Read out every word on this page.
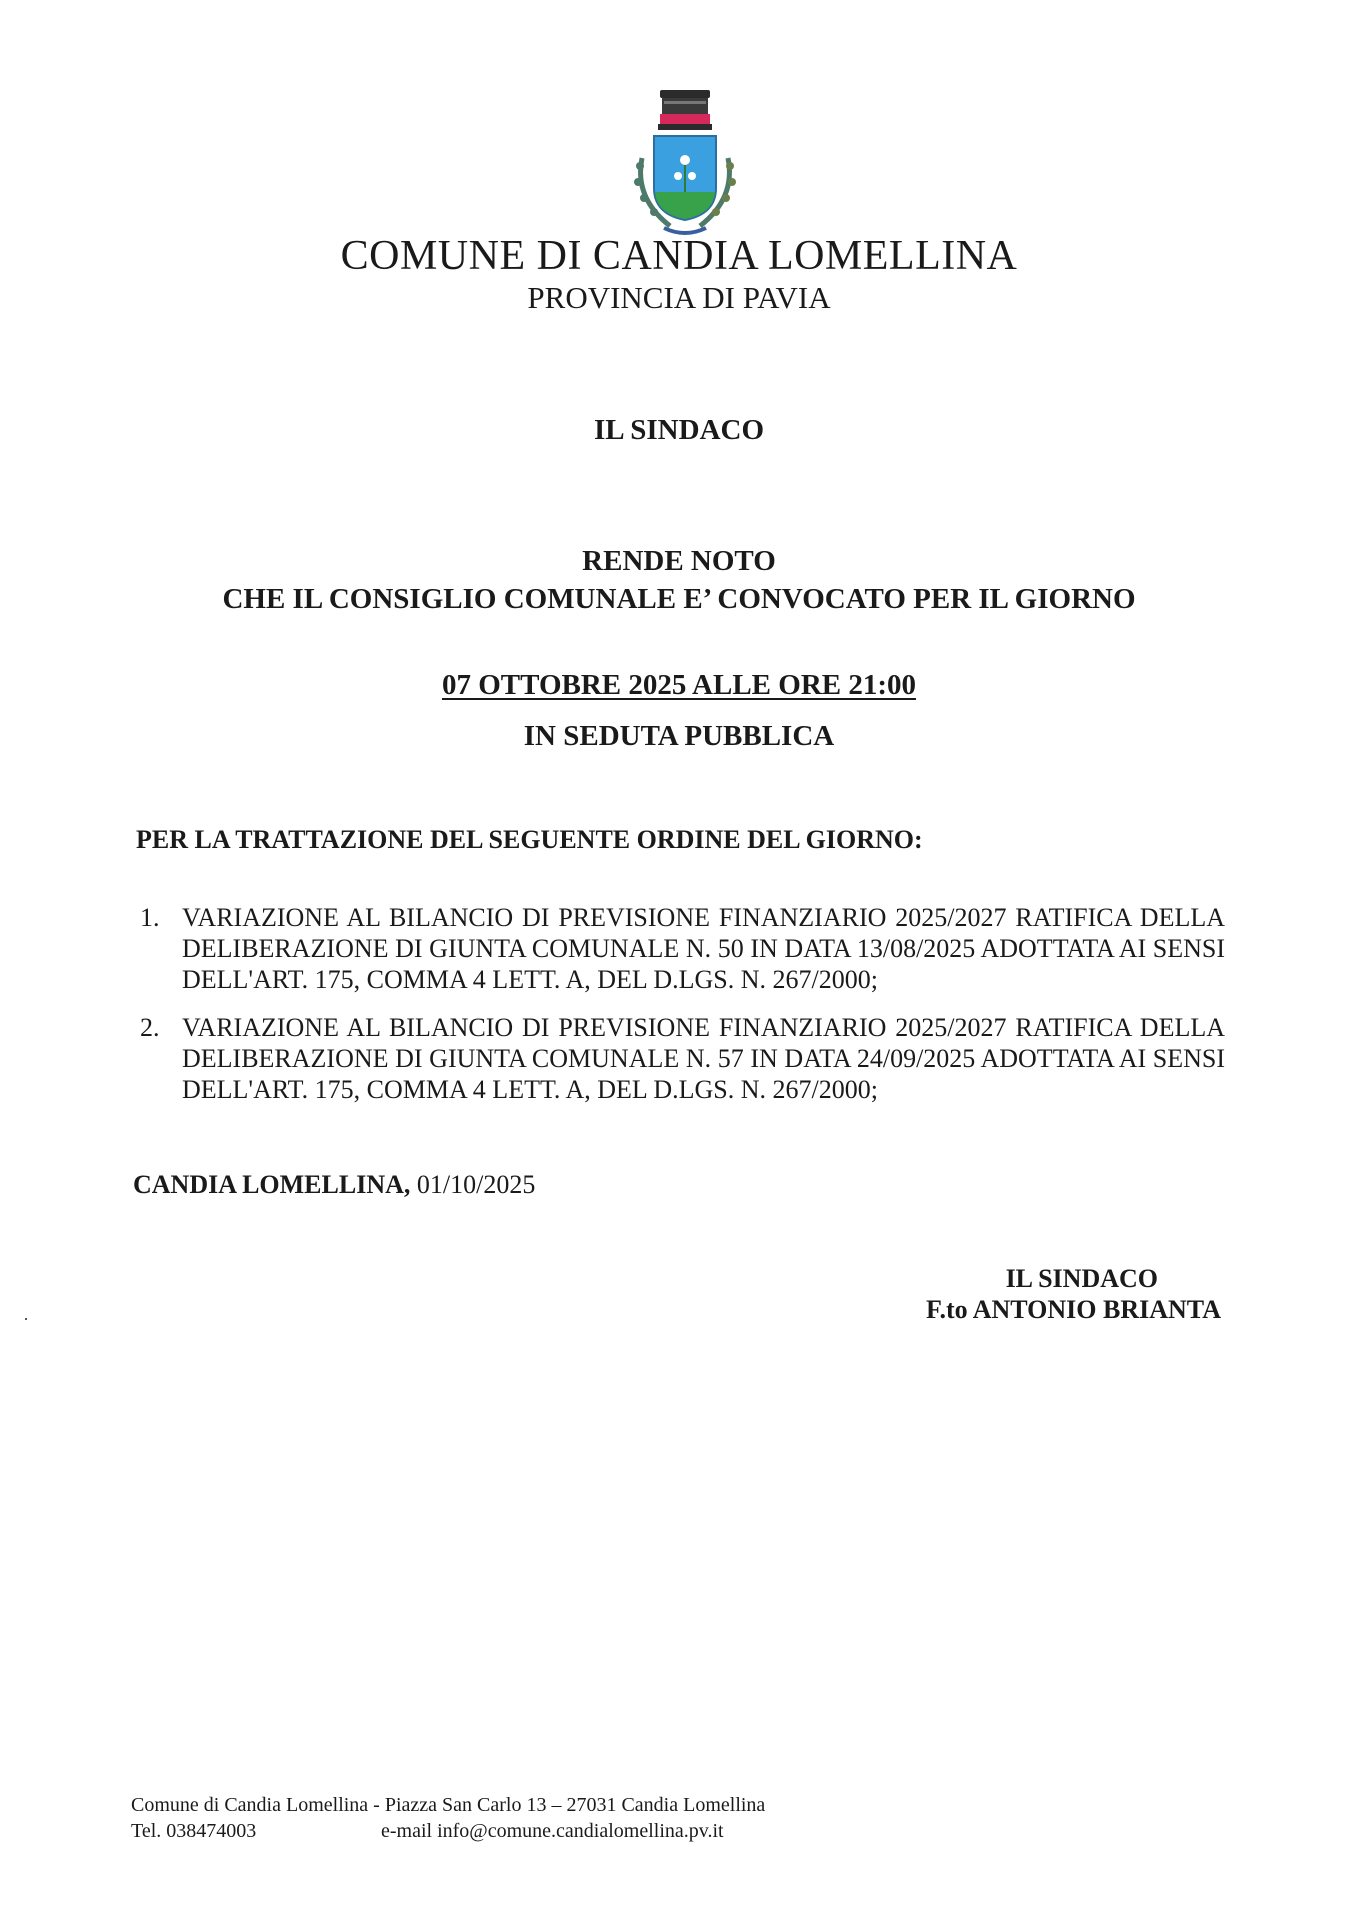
COMUNE DI CANDIA LOMELLINA
PROVINCIA DI PAVIA
IL SINDACO
RENDE NOTO
CHE IL CONSIGLIO COMUNALE E’ CONVOCATO PER IL GIORNO
07 OTTOBRE 2025 ALLE ORE 21:00
IN SEDUTA PUBBLICA
PER LA TRATTAZIONE DEL SEGUENTE ORDINE DEL GIORNO:
1. VARIAZIONE AL BILANCIO DI PREVISIONE FINANZIARIO 2025/2027 RATIFICA DELLA DELIBERAZIONE DI GIUNTA COMUNALE N. 50 IN DATA 13/08/2025 ADOTTATA AI SENSI DELL'ART. 175, COMMA 4 LETT. A, DEL D.LGS. N. 267/2000;
2. VARIAZIONE AL BILANCIO DI PREVISIONE FINANZIARIO 2025/2027 RATIFICA DELLA DELIBERAZIONE DI GIUNTA COMUNALE N. 57 IN DATA 24/09/2025 ADOTTATA AI SENSI DELL'ART. 175, COMMA 4 LETT. A, DEL D.LGS. N. 267/2000;
CANDIA LOMELLINA, 01/10/2025
IL SINDACO
F.to ANTONIO BRIANTA
Comune di Candia Lomellina - Piazza San Carlo 13 – 27031 Candia Lomellina
Tel. 038474003	e-mail info@comune.candialomellina.pv.it
